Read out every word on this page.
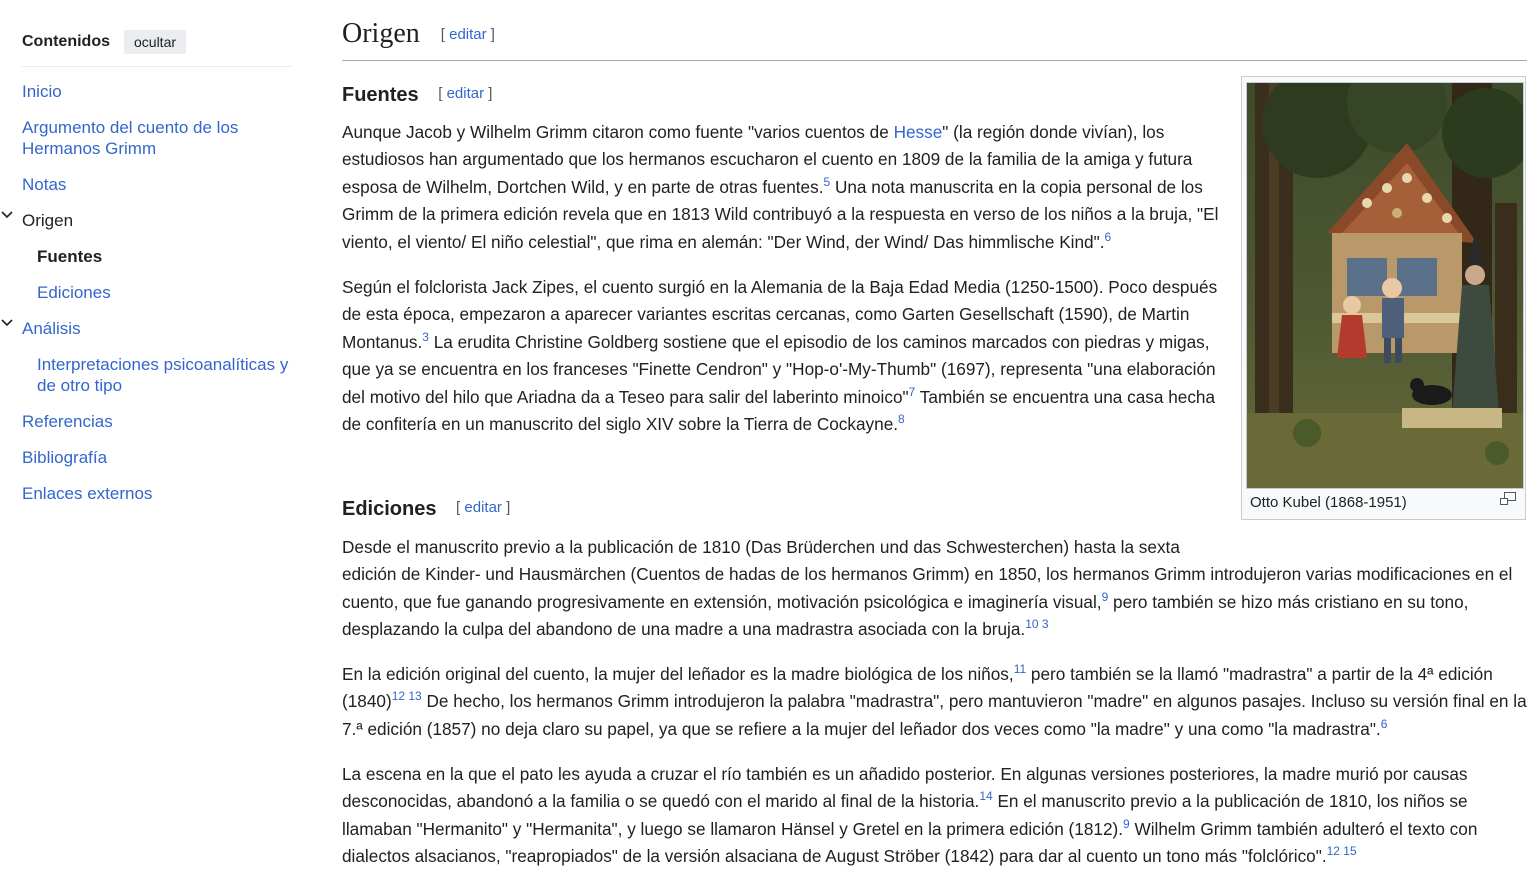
Contenidos	ocultar
Inicio
Argumento del cuento de los Hermanos Grimm
Notas
Origen
Fuentes
Ediciones
Análisis
Interpretaciones psicoanalíticas y de otro tipo
Referencias
Bibliografía
Enlaces externos
Origen [ editar ]
Fuentes [ editar ]

Aunque Jacob y Wilhelm Grimm citaron como fuente "varios cuentos de Hesse" (la región donde vivían), los estudiosos han argumentado que los hermanos escucharon el cuento en 1809 de la familia de la amiga y futura esposa de Wilhelm, Dortchen Wild, y en parte de otras fuentes.$^5$ Una nota manuscrita en la copia personal de los Grimm de la primera edición revela que en 1813 Wild contribuyó a la respuesta en verso de los niños a la bruja, "El viento, el viento/ El niño celestial", que rima en alemán: "Der Wind, der Wind/ Das himmlische Kind".$^6$

Según el folclorista Jack Zipes, el cuento surgió en la Alemania de la Baja Edad Media (1250-1500). Poco después de esta época, empezaron a aparecer variantes escritas cercanas, como Garten Gesellschaft (1590), de Martin Montanus.$^3$ La erudita Christine Goldberg sostiene que el episodio de los caminos marcados con piedras y migas, que ya se encuentra en los franceses "Finette Cendron" y "Hop-o'-My-Thumb" (1697), representa "una elaboración del motivo del hilo que Ariadna da a Teseo para salir del laberinto minoico"$^7$ También se encuentra una casa hecha de confitería en un manuscrito del siglo XIV sobre la Tierra de Cockayne.$^8$

Ediciones [ editar ]

Desde el manuscrito previo a la publicación de 1810 (Das Brüderchen und das Schwesterchen) hasta la sexta
edición de Kinder- und Hausmärchen (Cuentos de hadas de los hermanos Grimm) en 1850, los hermanos Grimm introdujeron varias modificaciones en el cuento, que fue ganando progresivamente en extensión, motivación psicológica e imaginería visual,$^9$ pero también se hizo más cristiano en su tono, desplazando la culpa del abandono de una madre a una madrastra asociada con la bruja.$^{10 3}$

En la edición original del cuento, la mujer del leñador es la madre biológica de los niños,$^{11}$ pero también se la llamó "madrastra" a partir de la 4ª edición $(1840)^{12 13}$ De hecho, los hermanos Grimm introdujeron la palabra "madrastra", pero mantuvieron "madre" en algunos pasajes. Incluso su versión final en la 7.ª edición (1857) no deja claro su papel, ya que se refiere a la mujer del leñador dos veces como "la madre" y una como "la madrastra".$^6$

La escena en la que el pato les ayuda a cruzar el río también es un añadido posterior. En algunas versiones posteriores, la madre murió por causas desconocidas, abandonó a la familia o se quedó con el marido al final de la historia.$^{14}$ En el manuscrito previo a la publicación de 1810, los niños se llamaban "Hermanito" y "Hermanita", y luego se llamaron Hänsel y Gretel en la primera edición (1812).$^9$ Wilhelm Grimm también adulteró el texto con dialectos alsacianos, "reapropiados" de la versión alsaciana de August Ströber (1842) para dar al cuento un tono más "folclórico".$^{12 15}$

Otto Kubel (1868-1951)
